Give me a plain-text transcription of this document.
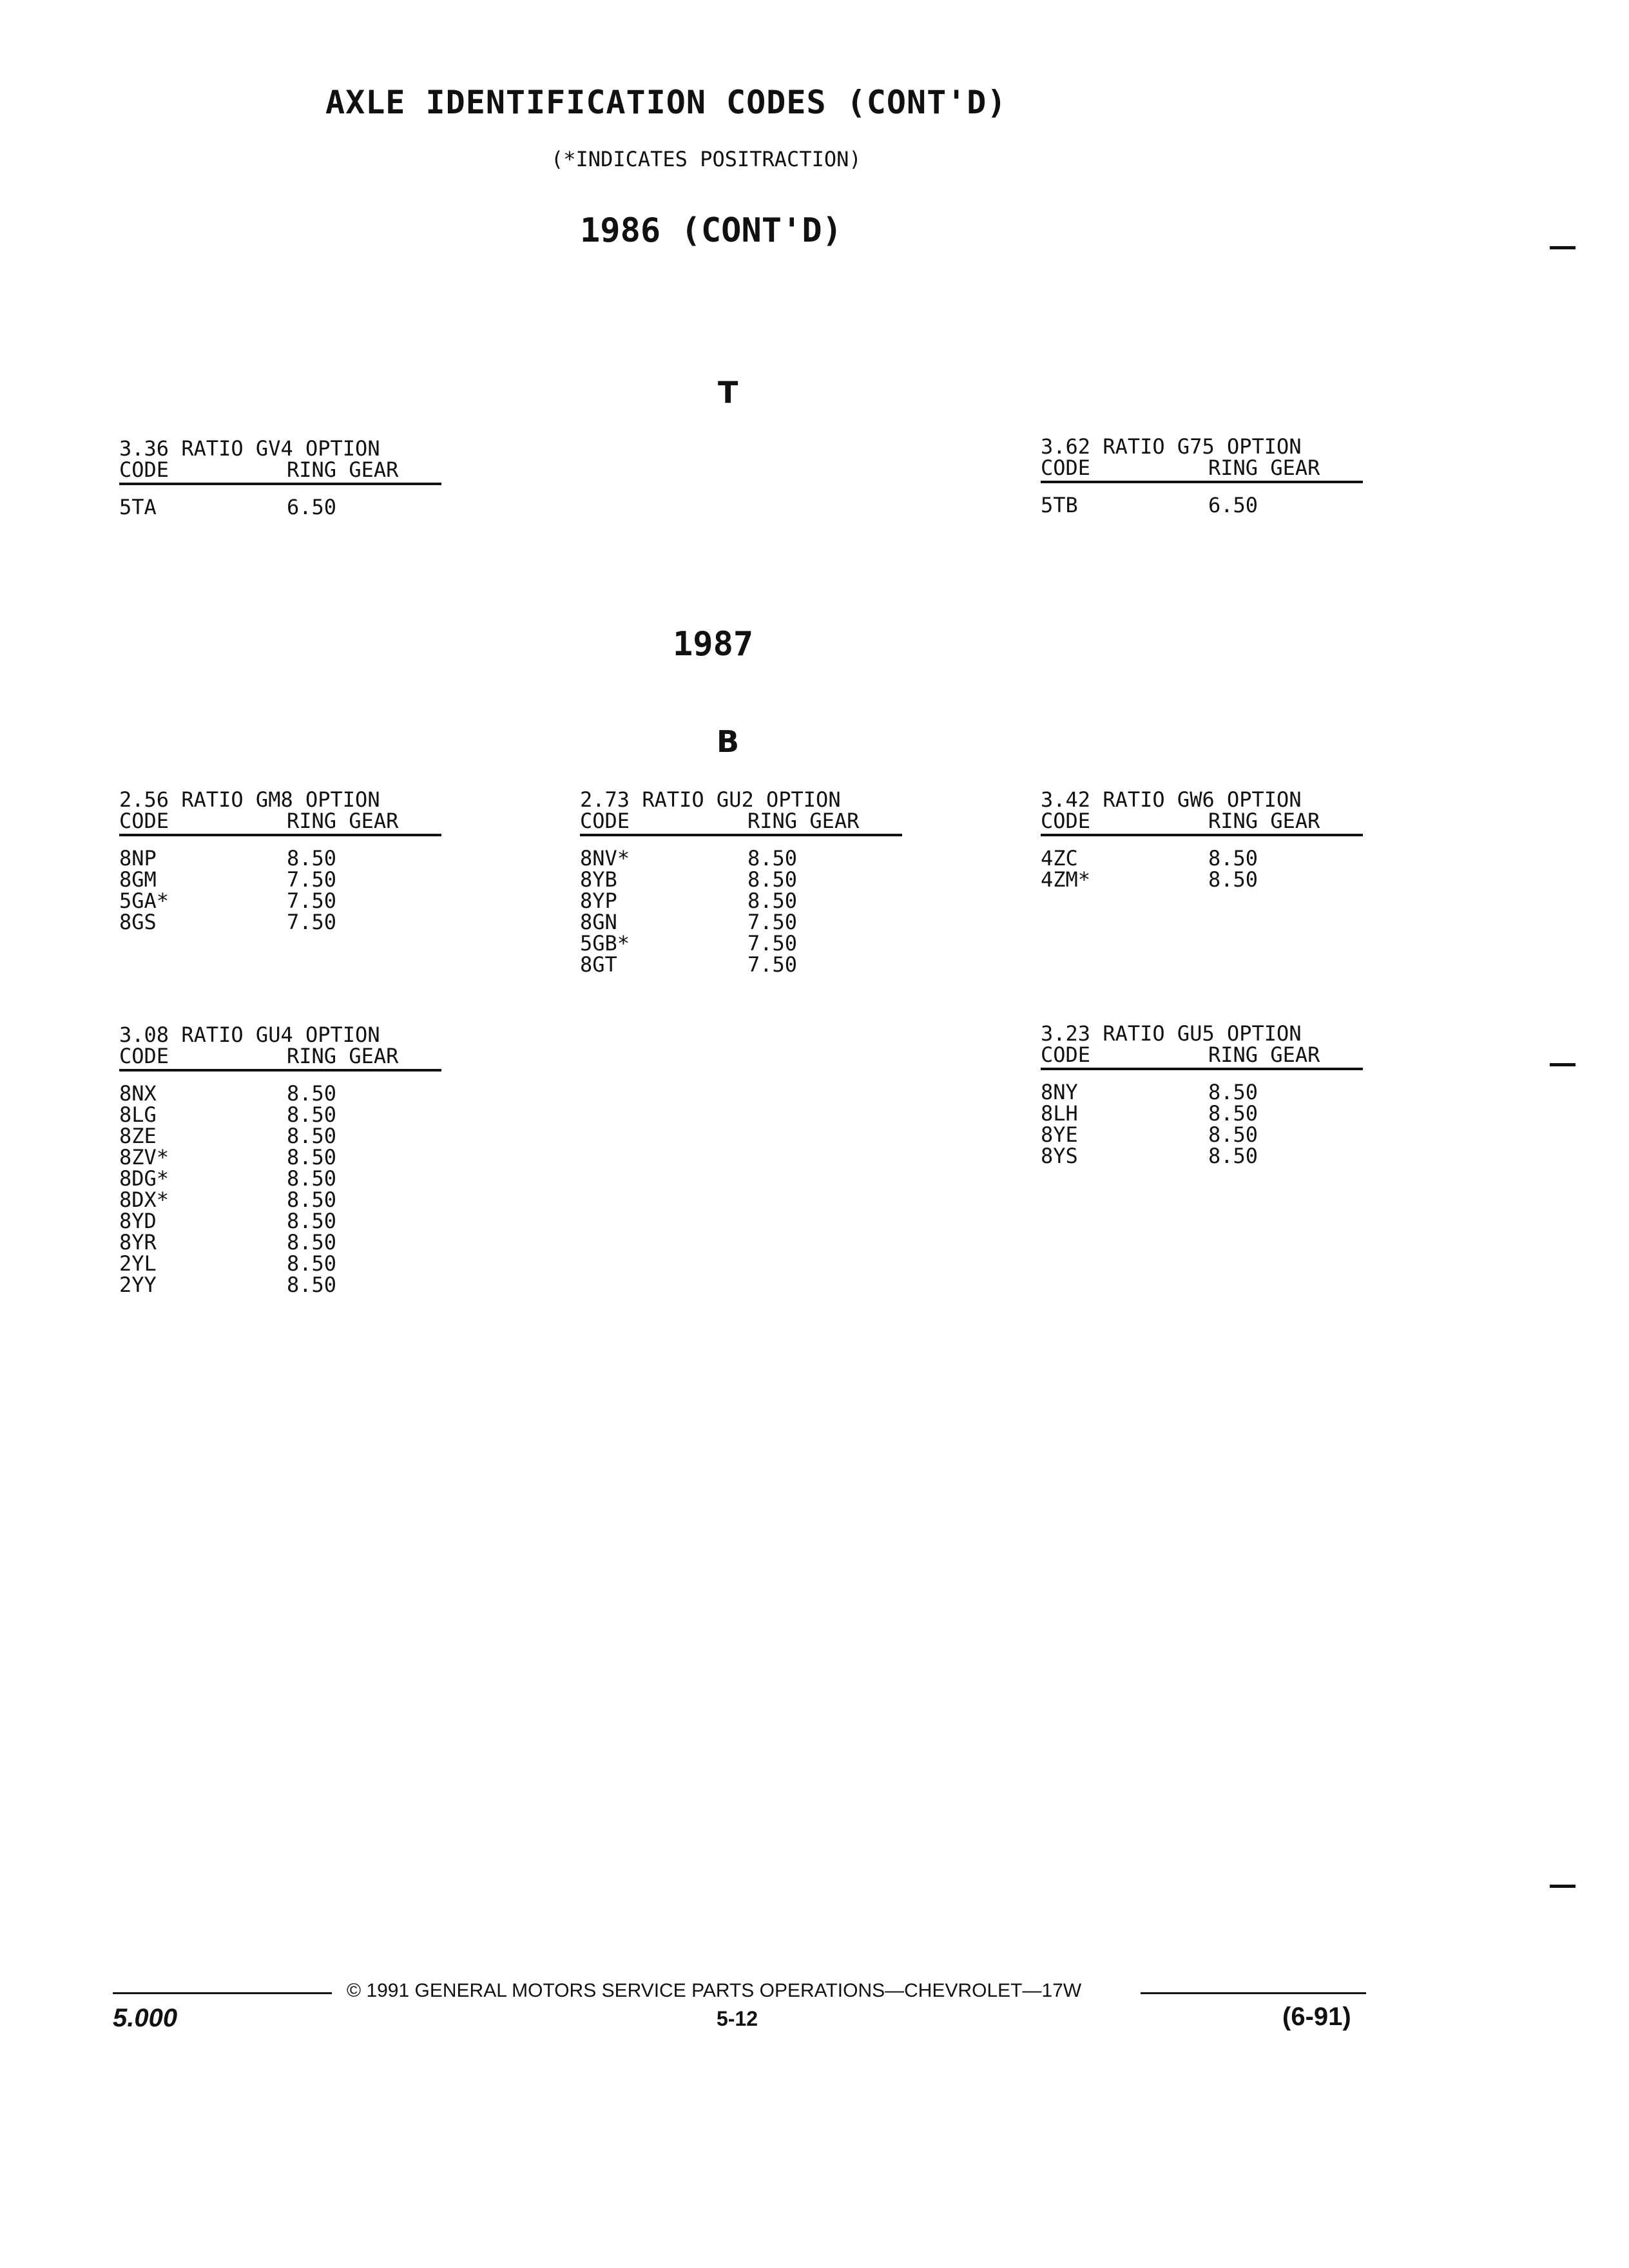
AXLE IDENTIFICATION CODES (CONT'D)
(*INDICATES POSITRACTION)
1986 (CONT'D)
T
3.36 RATIO GV4 OPTION
CODE	RING GEAR
5TA	6.50
3.62 RATIO G75 OPTION
CODE	RING GEAR
5TB	6.50
1987
B
2.56 RATIO GM8 OPTION
CODE	RING GEAR
8NP	8.50
8GM	7.50
5GA*	7.50
8GS	7.50
2.73 RATIO GU2 OPTION
CODE	RING GEAR
8NV*	8.50
8YB	8.50
8YP	8.50
8GN	7.50
5GB*	7.50
8GT	7.50
3.42 RATIO GW6 OPTION
CODE	RING GEAR
4ZC	8.50
4ZM*	8.50
3.08 RATIO GU4 OPTION
CODE	RING GEAR
8NX	8.50
8LG	8.50
8ZE	8.50
8ZV*	8.50
8DG*	8.50
8DX*	8.50
8YD	8.50
8YR	8.50
2YL	8.50
2YY	8.50
3.23 RATIO GU5 OPTION
CODE	RING GEAR
8NY	8.50
8LH	8.50
8YE	8.50
8YS	8.50
© 1991 GENERAL MOTORS SERVICE PARTS OPERATIONS—CHEVROLET—17W
5.000	5-12	(6-91)
